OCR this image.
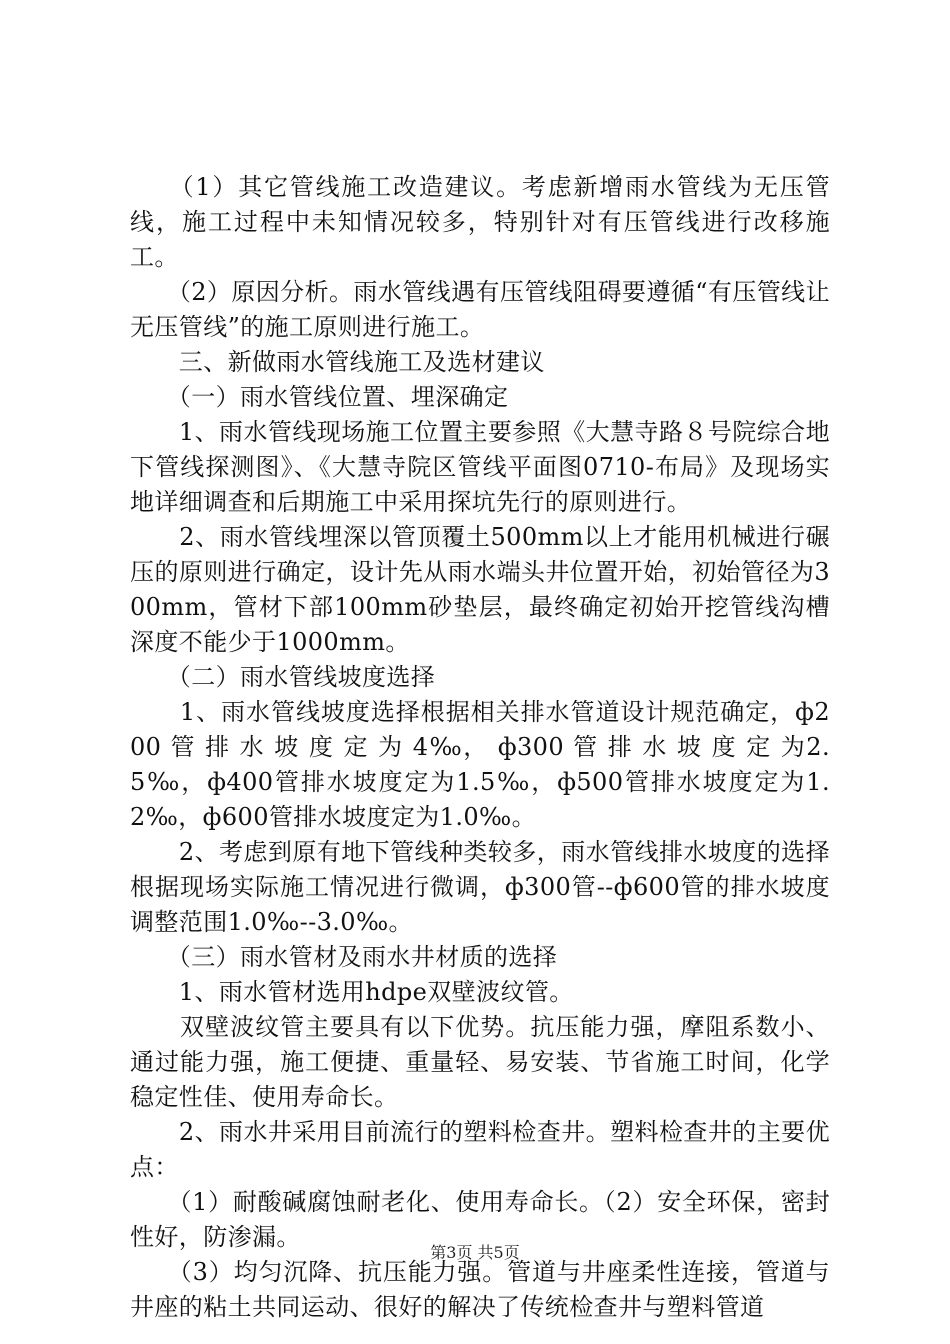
　　（1）其它管线施工改造建议。考虑新增雨水管线为无压管线，施工过程中未知情况较多，特别针对有压管线进行改移施工。

　　（2）原因分析。雨水管线遇有压管线阻碍要遵循“有压管线让无压管线”的施工原则进行施工。

　　三、新做雨水管线施工及选材建议

　　（一）雨水管线位置、埋深确定

　　1、雨水管线现场施工位置主要参照《大慧寺路８号院综合地下管线探测图》、《大慧寺院区管线平面图0710-布局》及现场实地详细调查和后期施工中采用探坑先行的原则进行。

　　2、雨水管线埋深以管顶覆土500mm以上才能用机械进行碾压的原则进行确定，设计先从雨水端头井位置开始，初始管径为300mm，管材下部100mm砂垫层，最终确定初始开挖管线沟槽深度不能少于1000mm。

　　（二）雨水管线坡度选择

　　1、雨水管线坡度选择根据相关排水管道设计规范确定，ф200 管 排 水 坡 度 定 为 4‰， ф300 管 排 水 坡 度 定 为2.5‰，ф400管排水坡度定为1.5‰，ф500管排水坡度定为1.2‰，ф600管排水坡度定为1.0‰。

　　2、考虑到原有地下管线种类较多，雨水管线排水坡度的选择根据现场实际施工情况进行微调，ф300管--ф600管的排水坡度调整范围1.0‰--3.0‰。

　　（三）雨水管材及雨水井材质的选择

　　1、雨水管材选用hdpe双壁波纹管。

　　双壁波纹管主要具有以下优势。抗压能力强，摩阻系数小、通过能力强，施工便捷、重量轻、易安装、节省施工时间，化学稳定性佳、使用寿命长。

　　2、雨水井采用目前流行的塑料检查井。塑料检查井的主要优点：

　　（1）耐酸碱腐蚀耐老化、使用寿命长。（2）安全环保，密封性好，防渗漏。

　　（3）均匀沉降、抗压能力强。管道与井座柔性连接，管道与井座的粘土共同运动、很好的解决了传统检查井与塑料管道

第3页 共5页
